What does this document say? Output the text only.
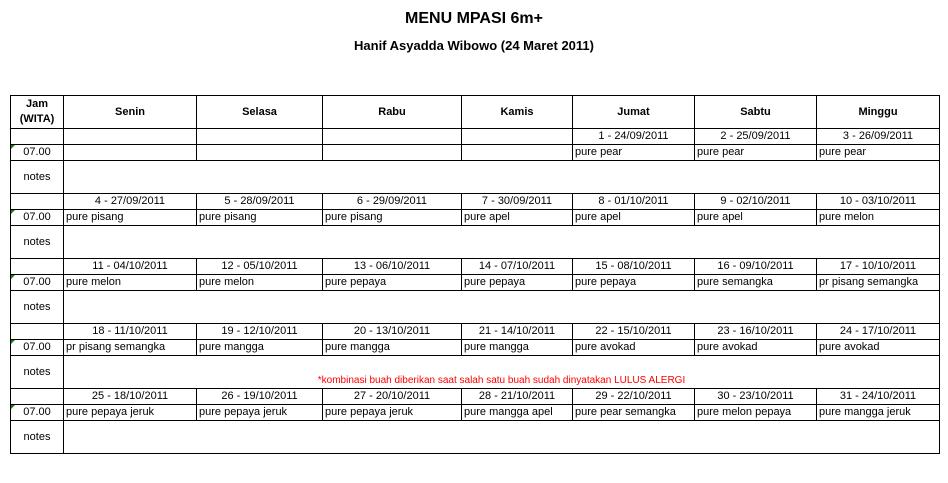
MENU MPASI 6m+
Hanif Asyadda Wibowo (24 Maret 2011)
Jam
(WITA)	Senin	Selasa	Rabu	Kamis	Jumat	Sabtu	Minggu
					1 - 24/09/2011	2 - 25/09/2011	3 - 26/09/2011
07.00					pure pear	pure pear	pure pear
notes							
	4 - 27/09/2011	5 - 28/09/2011	6 - 29/09/2011	7 - 30/09/2011	8 - 01/10/2011	9 - 02/10/2011	10 - 03/10/2011
07.00	pure pisang	pure pisang	pure pisang	pure apel	pure apel	pure apel	pure melon
notes							
	11 - 04/10/2011	12 - 05/10/2011	13 - 06/10/2011	14 - 07/10/2011	15 - 08/10/2011	16 - 09/10/2011	17 - 10/10/2011
07.00	pure melon	pure melon	pure pepaya	pure pepaya	pure pepaya	pure semangka	pr pisang semangka
notes							
	18 - 11/10/2011	19 - 12/10/2011	20 - 13/10/2011	21 - 14/10/2011	22 - 15/10/2011	23 - 16/10/2011	24 - 17/10/2011
07.00	pr pisang semangka	pure mangga	pure mangga	pure mangga	pure avokad	pure avokad	pure avokad
notes	*kombinasi buah diberikan saat salah satu buah sudah dinyatakan LULUS ALERGI						
	25 - 18/10/2011	26 - 19/10/2011	27 - 20/10/2011	28 - 21/10/2011	29 - 22/10/2011	30 - 23/10/2011	31 - 24/10/2011
07.00	pure pepaya jeruk	pure pepaya jeruk	pure pepaya jeruk	pure mangga apel	pure pear semangka	pure melon pepaya	pure mangga jeruk
notes							
